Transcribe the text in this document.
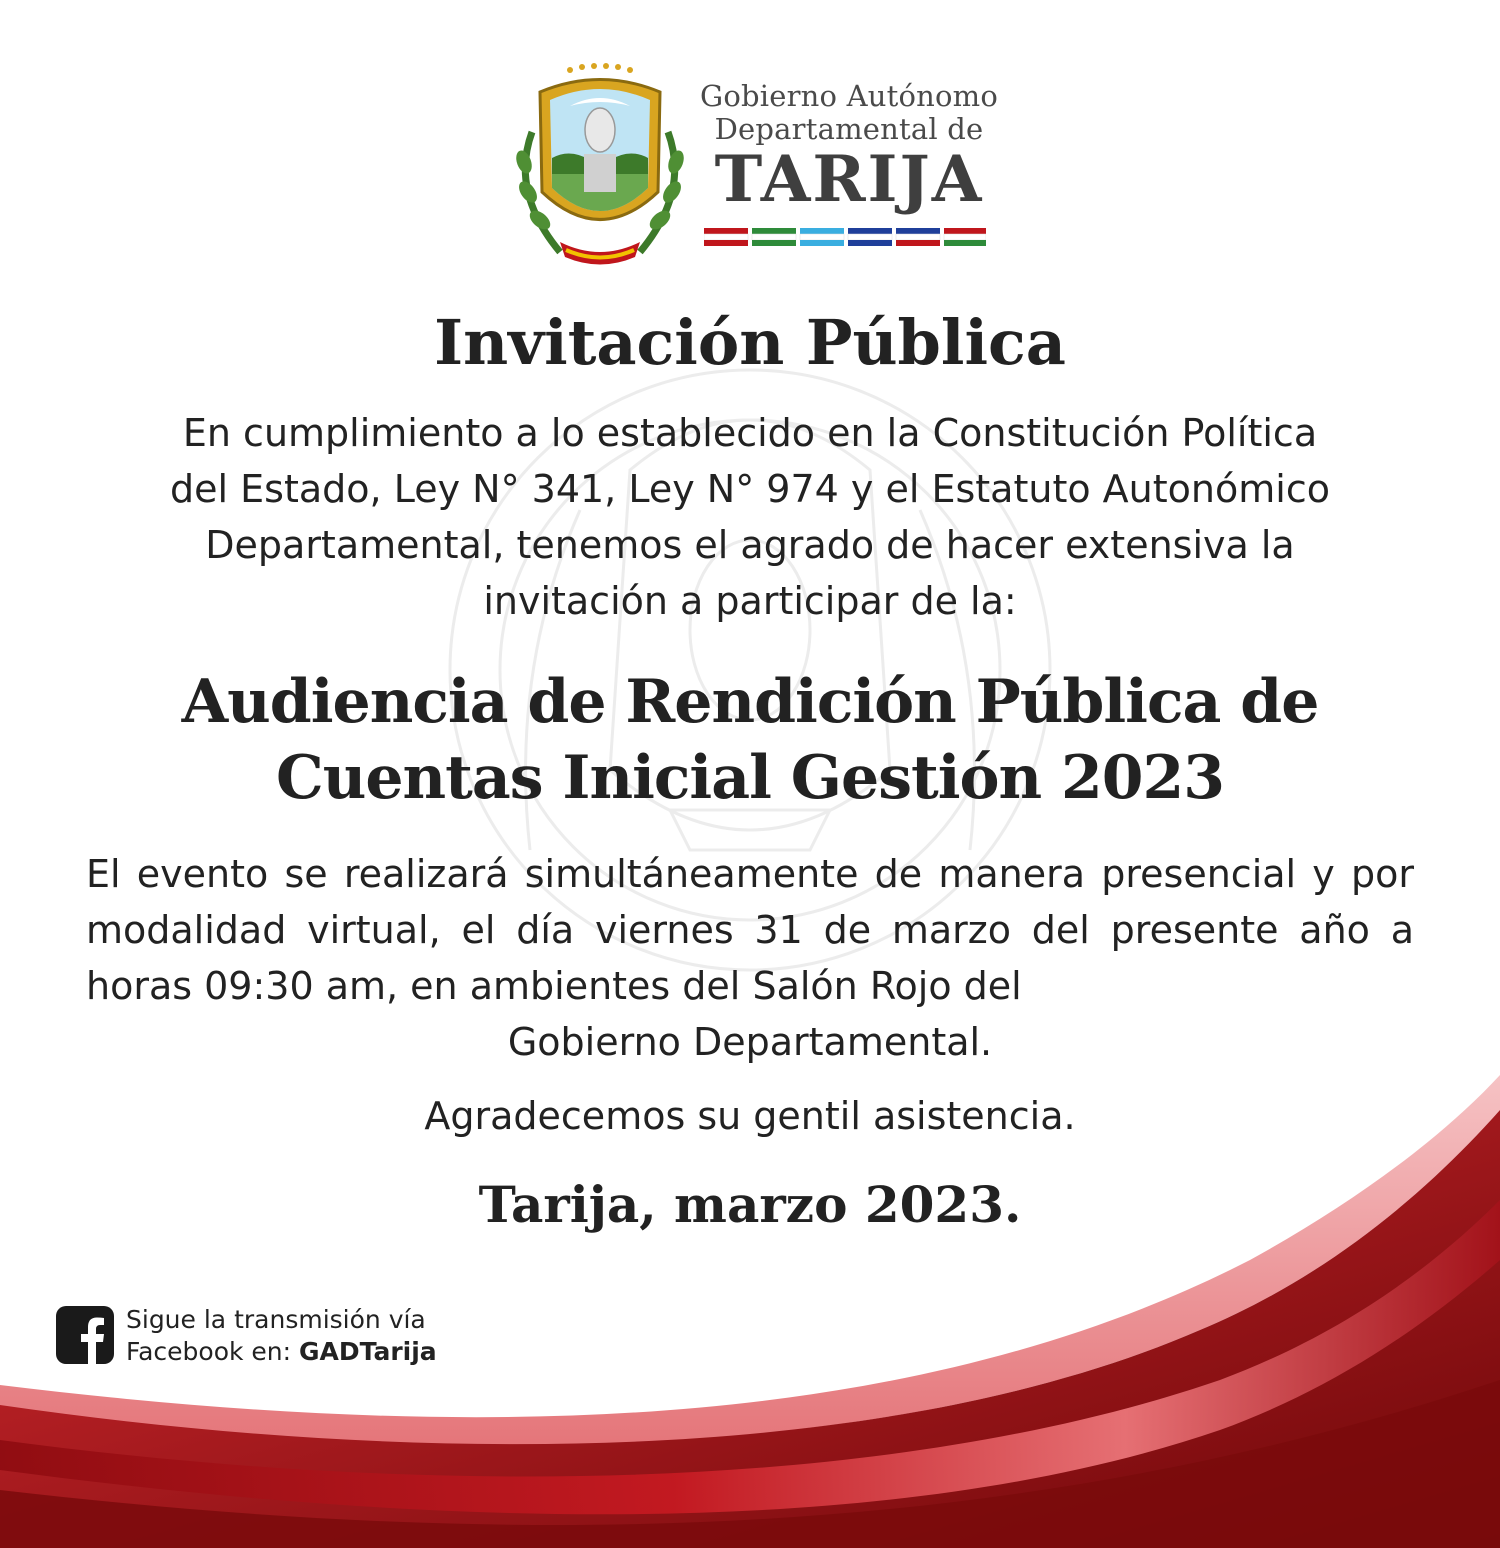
Gobierno Autónomo
Departamental de
TARIJA
Invitación Pública
En cumplimiento a lo establecido en la Constitución Política
del Estado, Ley N° 341, Ley N° 974 y el Estatuto Autonómico
Departamental, tenemos el agrado de hacer extensiva la
invitación a participar de la:
Audiencia de Rendición Pública de
Cuentas Inicial Gestión 2023
El evento se realizará simultáneamente de manera presencial y por modalidad virtual, el día viernes 31 de marzo del presente año a horas 09:30 am, en ambientes del Salón Rojo del
Gobierno Departamental.
Agradecemos su gentil asistencia.
Tarija, marzo 2023.
Sigue la transmisión vía
Facebook en: GADTarija
